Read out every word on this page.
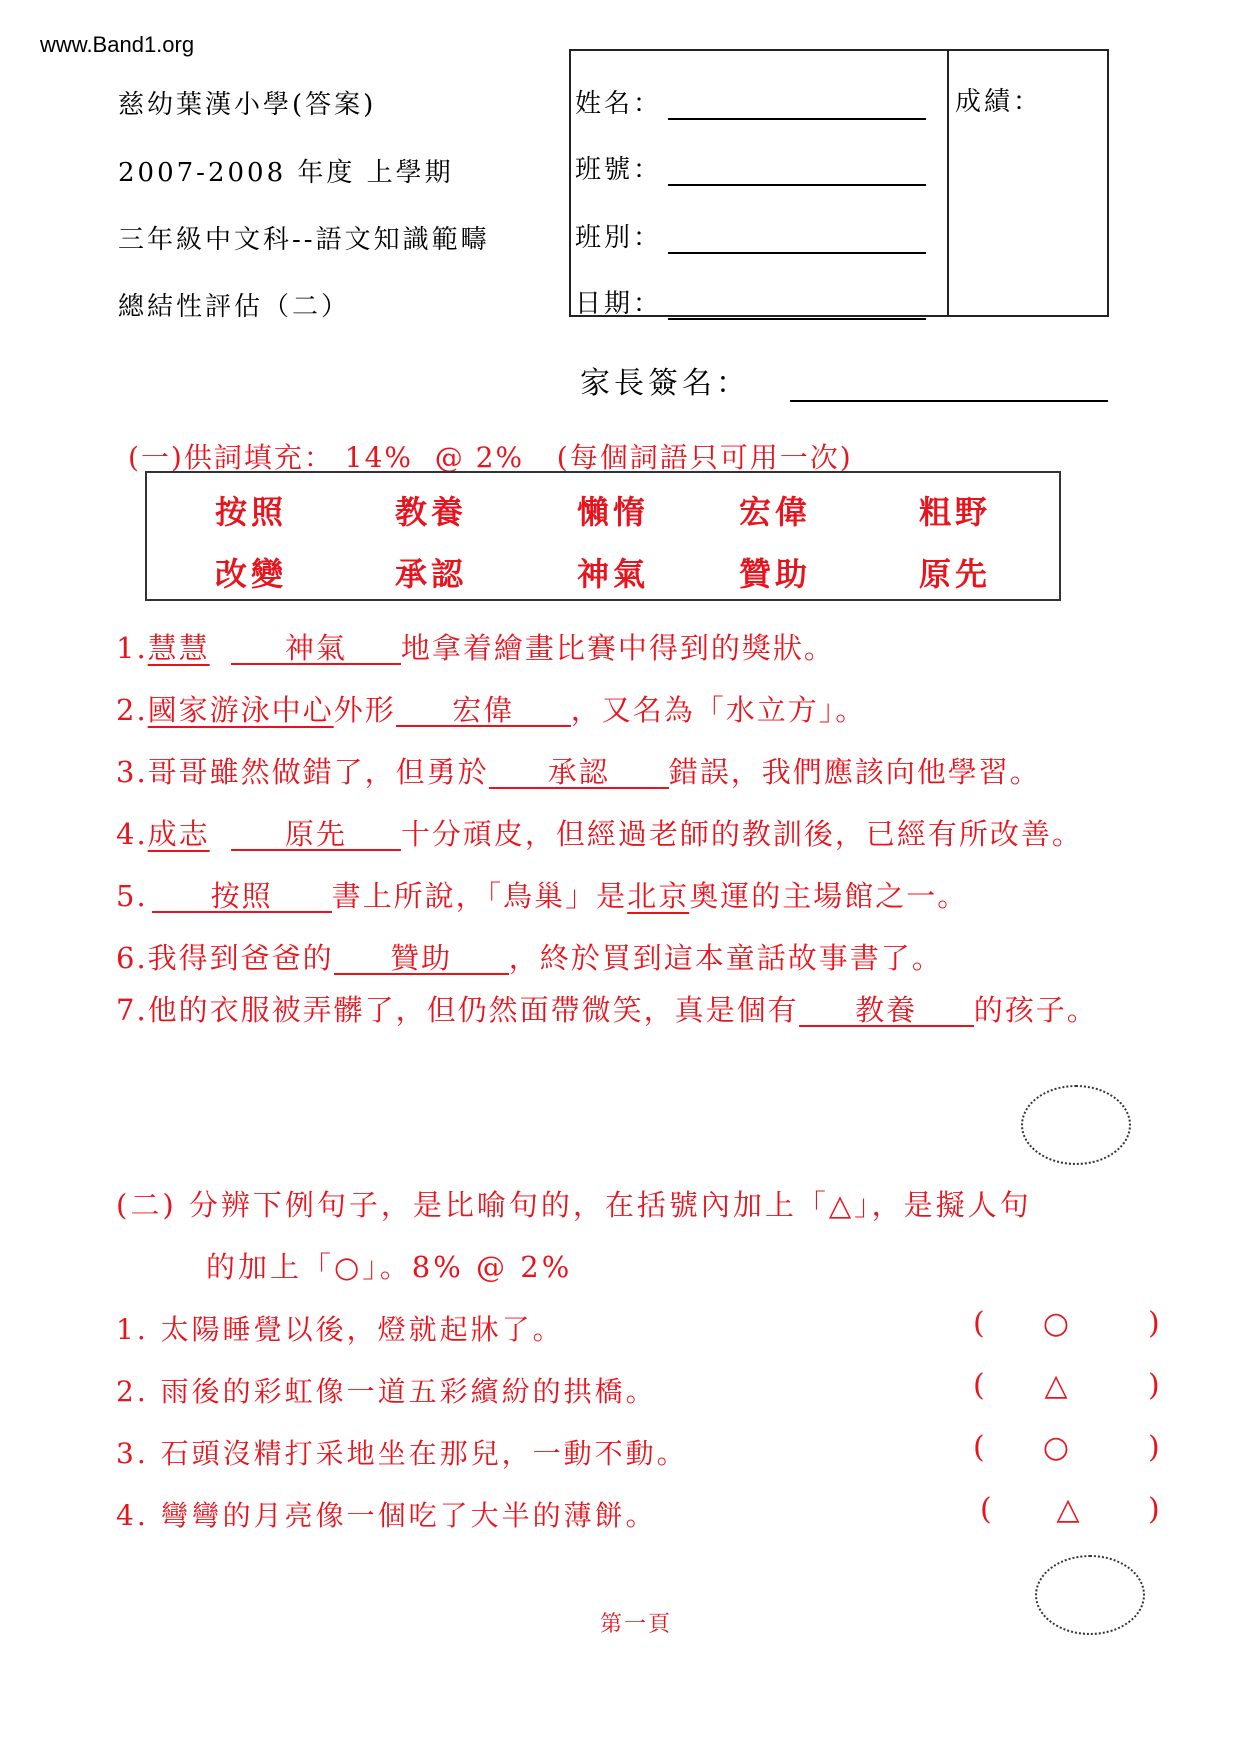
www.Band1.org
慈幼葉漢小學(答案)
2007-2008 年度 上學期
三年級中文科--語文知識範疇
總結性評估（二）
姓名：
班號：
班別：
日期：
成績：
家長簽名：
(一)供詞填充： 14%  @ 2%   (每個詞語只可用一次)
按照	教養	懶惰	宏偉	粗野
改變	承認	神氣	贊助	原先
1.慧慧	神氣 地拿着繪畫比賽中得到的獎狀。
2.國家游泳中心外形 宏偉 ，又名為「水立方」。
3.哥哥雖然做錯了，但勇於 承認 錯誤，我們應該向他學習。
4.成志	原先 十分頑皮，但經過老師的教訓後，已經有所改善。
5. 按照 書上所說，「鳥巢」是北京奧運的主場館之一。
6.我得到爸爸的 贊助 ，終於買到這本童話故事書了。
7.他的衣服被弄髒了，但仍然面帶微笑，真是個有 教養 的孩子。
(二) 分辨下例句子，是比喻句的，在括號內加上「△」，是擬人句
的加上「○」。8% @ 2%
1. 太陽睡覺以後，燈就起牀了。	(	○	)
2. 雨後的彩虹像一道五彩繽紛的拱橋。	(	△	)
3. 石頭沒精打采地坐在那兒，一動不動。	(	○	)
4. 彎彎的月亮像一個吃了大半的薄餅。	(	△	)
第一頁
